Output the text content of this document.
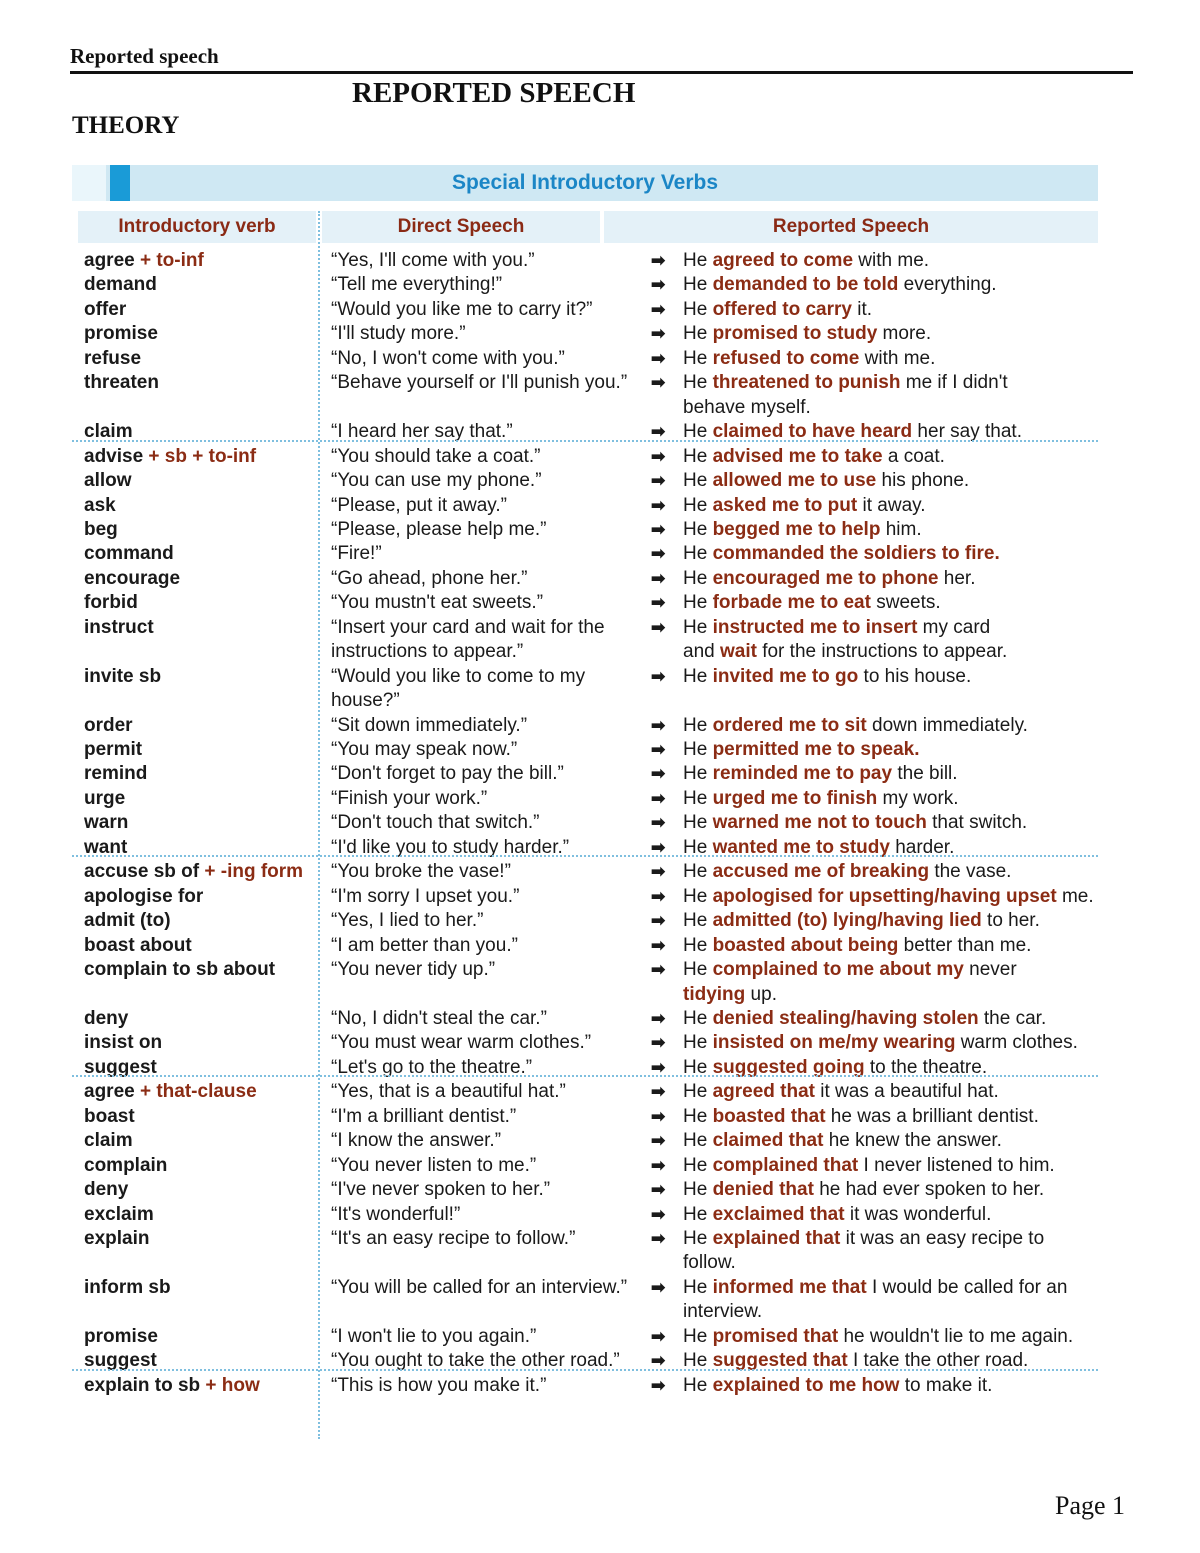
Reported speech
REPORTED SPEECH
THEORY
Special Introductory Verbs
Introductory verb	Direct Speech	Reported Speech
agree + to-inf	“Yes, I'll come with you.”	➡ He agreed to come with me.
demand	“Tell me everything!”	➡ He demanded to be told everything.
offer	“Would you like me to carry it?”	➡ He offered to carry it.
promise	“I'll study more.”	➡ He promised to study more.
refuse	“No, I won't come with you.”	➡ He refused to come with me.
threaten	“Behave yourself or I'll punish you.” ➡ He threatened to punish me if I didn't
behave myself.
claim	“I heard her say that.”	➡ He claimed to have heard her say that.
advise + sb + to-inf	“You should take a coat.”	➡ He advised me to take a coat.
allow	“You can use my phone.”	➡ He allowed me to use his phone.
ask	“Please, put it away.”	➡ He asked me to put it away.
beg	“Please, please help me.”	➡ He begged me to help him.
command	“Fire!”	➡ He commanded the soldiers to fire.
encourage	“Go ahead, phone her.”	➡ He encouraged me to phone her.
forbid	“You mustn't eat sweets.”	➡ He forbade me to eat sweets.
instruct	“Insert your card and wait for the	➡ He instructed me to insert my card
instructions to appear.”	and wait for the instructions to appear.
invite sb	“Would you like to come to my	➡ He invited me to go to his house.
house?”
order	“Sit down immediately.”	➡ He ordered me to sit down immediately.
permit	“You may speak now.”	➡ He permitted me to speak.
remind	“Don't forget to pay the bill.”	➡ He reminded me to pay the bill.
urge	“Finish your work.”	➡ He urged me to finish my work.
warn	“Don't touch that switch.”	➡ He warned me not to touch that switch.
want	“I'd like you to study harder.”	➡ He wanted me to study harder.
accuse sb of + -ing form “You broke the vase!”	➡ He accused me of breaking the vase.
apologise for	“I'm sorry I upset you.”	➡ He apologised for upsetting/having upset me.
admit (to)	“Yes, I lied to her.”	➡ He admitted (to) lying/having lied to her.
boast about	“I am better than you.”	➡ He boasted about being better than me.
complain to sb about	“You never tidy up.”	➡ He complained to me about my never
tidying up.
deny	“No, I didn't steal the car.”	➡ He denied stealing/having stolen the car.
insist on	“You must wear warm clothes.”	➡ He insisted on me/my wearing warm clothes.
suggest	“Let's go to the theatre.”	➡ He suggested going to the theatre.
agree + that-clause	“Yes, that is a beautiful hat.”	➡ He agreed that it was a beautiful hat.
boast	“I'm a brilliant dentist.”	➡ He boasted that he was a brilliant dentist.
claim	“I know the answer.”	➡ He claimed that he knew the answer.
complain	“You never listen to me.”	➡ He complained that I never listened to him.
deny	“I've never spoken to her.”	➡ He denied that he had ever spoken to her.
exclaim	“It's wonderful!”	➡ He exclaimed that it was wonderful.
explain	“It's an easy recipe to follow.”	➡ He explained that it was an easy recipe to
follow.
inform sb	“You will be called for an interview.” ➡ He informed me that I would be called for an
interview.
promise	“I won't lie to you again.”	➡ He promised that he wouldn't lie to me again.
suggest	“You ought to take the other road.” ➡ He suggested that I take the other road.
explain to sb + how	“This is how you make it.”	➡ He explained to me how to make it.
Page 1
